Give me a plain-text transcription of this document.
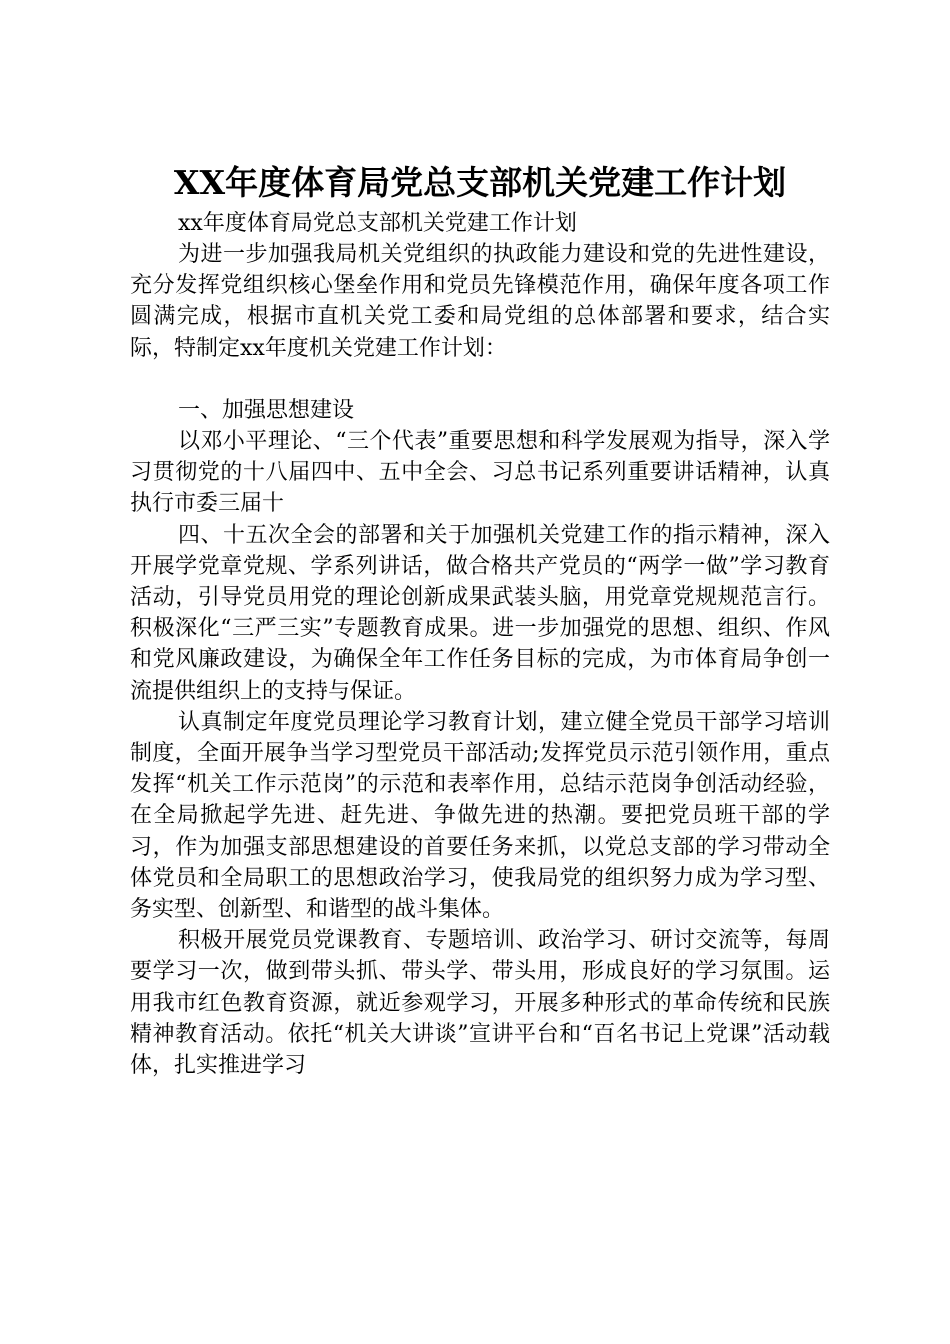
XX年度体育局党总支部机关党建工作计划

xx年度体育局党总支部机关党建工作计划

为进一步加强我局机关党组织的执政能力建设和党的先进性建设，充分发挥党组织核心堡垒作用和党员先锋模范作用，确保年度各项工作圆满完成，根据市直机关党工委和局党组的总体部署和要求，结合实际，特制定xx年度机关党建工作计划：

一、加强思想建设

以邓小平理论、“三个代表”重要思想和科学发展观为指导，深入学习贯彻党的十八届四中、五中全会、习总书记系列重要讲话精神，认真执行市委三届十

四、十五次全会的部署和关于加强机关党建工作的指示精神，深入开展学党章党规、学系列讲话，做合格共产党员的“两学一做”学习教育活动，引导党员用党的理论创新成果武装头脑，用党章党规规范言行。积极深化“三严三实”专题教育成果。进一步加强党的思想、组织、作风和党风廉政建设，为确保全年工作任务目标的完成，为市体育局争创一流提供组织上的支持与保证。

认真制定年度党员理论学习教育计划，建立健全党员干部学习培训制度，全面开展争当学习型党员干部活动;发挥党员示范引领作用，重点发挥“机关工作示范岗”的示范和表率作用，总结示范岗争创活动经验，在全局掀起学先进、赶先进、争做先进的热潮。要把党员班干部的学习，作为加强支部思想建设的首要任务来抓，以党总支部的学习带动全体党员和全局职工的思想政治学习，使我局党的组织努力成为学习型、务实型、创新型、和谐型的战斗集体。

积极开展党员党课教育、专题培训、政治学习、研讨交流等，每周要学习一次，做到带头抓、带头学、带头用，形成良好的学习氛围。运用我市红色教育资源，就近参观学习，开展多种形式的革命传统和民族精神教育活动。依托“机关大讲谈”宣讲平台和“百名书记上党课”活动载体，扎实推进学习
